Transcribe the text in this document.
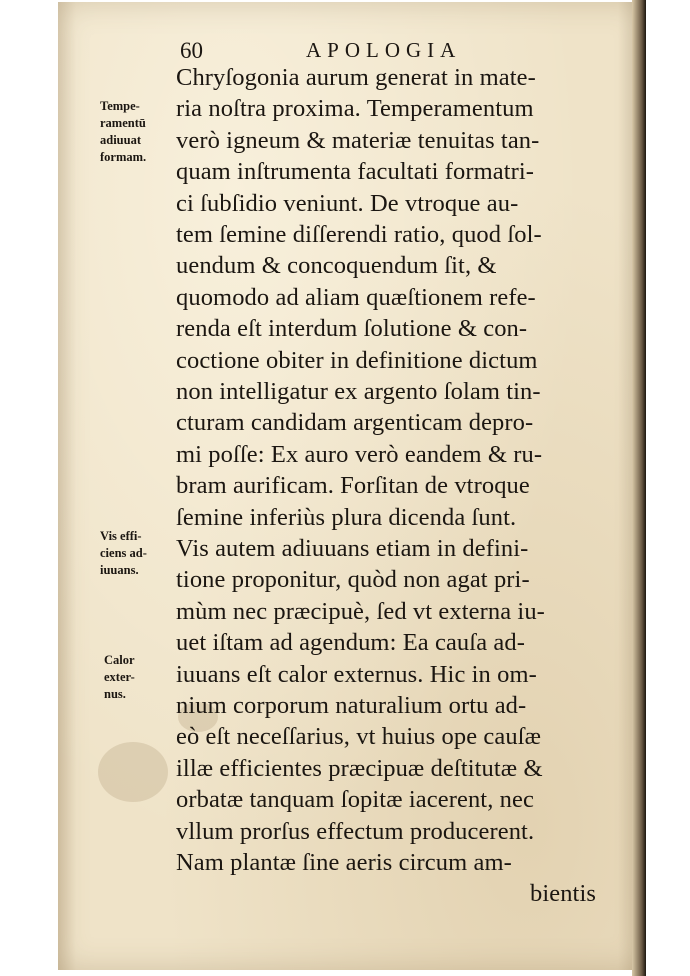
60	APOLOGIA
Chryſogonia aurum generat in mate-
ria noſtra proxima. Temperamentum
verò igneum & materiæ tenuitas tan-
quam inſtrumenta facultati formatri-
ci ſubſidio veniunt. De vtroque au-
tem ſemine diſſerendi ratio, quod ſol-
uendum & concoquendum ſit, &
quomodo ad aliam quæſtionem refe-
renda eſt interdum ſolutione & con-
coctione obiter in definitione dictum
non intelligatur ex argento ſolam tin-
cturam candidam argenticam depro-
mi poſſe: Ex auro verò eandem & ru-
bram aurificam. Forſitan de vtroque
ſemine inferiùs plura dicenda ſunt.
Vis autem adiuuans etiam in defini-
tione proponitur, quòd non agat pri-
mùm nec præcipuè, ſed vt externa iu-
uet iſtam ad agendum: Ea cauſa ad-
iuuans eſt calor externus. Hic in om-
nium corporum naturalium ortu ad-
eò eſt neceſſarius, vt huius ope cauſæ
illæ efficientes præcipuæ deſtitutæ &
orbatæ tanquam ſopitæ iacerent, nec
vllum prorſus effectum producerent.
Nam plantæ ſine aeris circum am-
bientis
Tempe-
ramentū
adiuuat
formam.
Vis effi-
ciens ad-
iuuans.
Calor
exter-
nus.
